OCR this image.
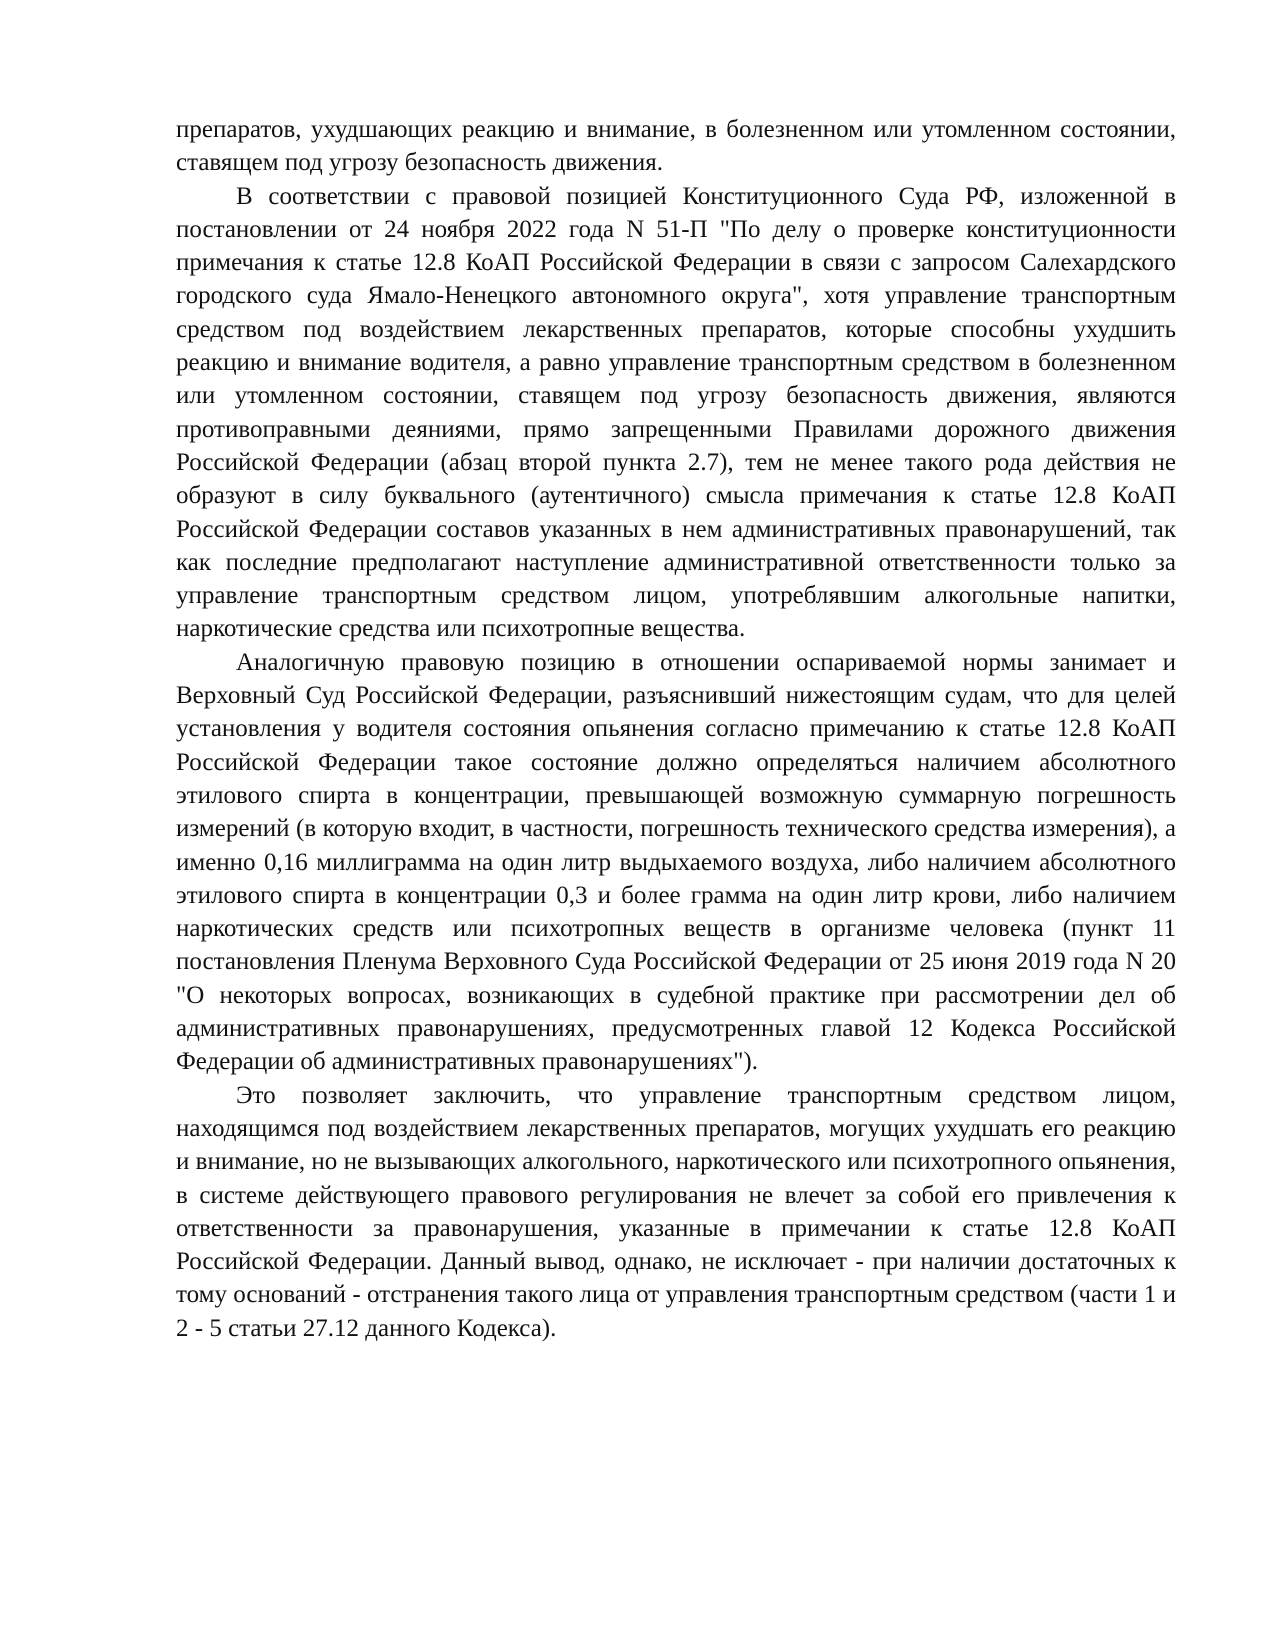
препаратов, ухудшающих реакцию и внимание, в болезненном или утомленном состоянии, ставящем под угрозу безопасность движения.

В соответствии с правовой позицией Конституционного Суда РФ, изложенной в постановлении от 24 ноября 2022 года N 51-П "По делу о проверке конституционности примечания к статье 12.8 КоАП Российской Федерации в связи с запросом Салехардского городского суда Ямало-Ненецкого автономного округа", хотя управление транспортным средством под воздействием лекарственных препаратов, которые способны ухудшить реакцию и внимание водителя, а равно управление транспортным средством в болезненном или утомленном состоянии, ставящем под угрозу безопасность движения, являются противоправными деяниями, прямо запрещенными Правилами дорожного движения Российской Федерации (абзац второй пункта 2.7), тем не менее такого рода действия не образуют в силу буквального (аутентичного) смысла примечания к статье 12.8 КоАП Российской Федерации составов указанных в нем административных правонарушений, так как последние предполагают наступление административной ответственности только за управление транспортным средством лицом, употреблявшим алкогольные напитки, наркотические средства или психотропные вещества.

Аналогичную правовую позицию в отношении оспариваемой нормы занимает и Верховный Суд Российской Федерации, разъяснивший нижестоящим судам, что для целей установления у водителя состояния опьянения согласно примечанию к статье 12.8 КоАП Российской Федерации такое состояние должно определяться наличием абсолютного этилового спирта в концентрации, превышающей возможную суммарную погрешность измерений (в которую входит, в частности, погрешность технического средства измерения), а именно 0,16 миллиграмма на один литр выдыхаемого воздуха, либо наличием абсолютного этилового спирта в концентрации 0,3 и более грамма на один литр крови, либо наличием наркотических средств или психотропных веществ в организме человека (пункт 11 постановления Пленума Верховного Суда Российской Федерации от 25 июня 2019 года N 20 "О некоторых вопросах, возникающих в судебной практике при рассмотрении дел об административных правонарушениях, предусмотренных главой 12 Кодекса Российской Федерации об административных правонарушениях").

Это позволяет заключить, что управление транспортным средством лицом, находящимся под воздействием лекарственных препаратов, могущих ухудшать его реакцию и внимание, но не вызывающих алкогольного, наркотического или психотропного опьянения, в системе действующего правового регулирования не влечет за собой его привлечения к ответственности за правонарушения, указанные в примечании к статье 12.8 КоАП Российской Федерации. Данный вывод, однако, не исключает - при наличии достаточных к тому оснований - отстранения такого лица от управления транспортным средством (части 1 и 2 - 5 статьи 27.12 данного Кодекса).
